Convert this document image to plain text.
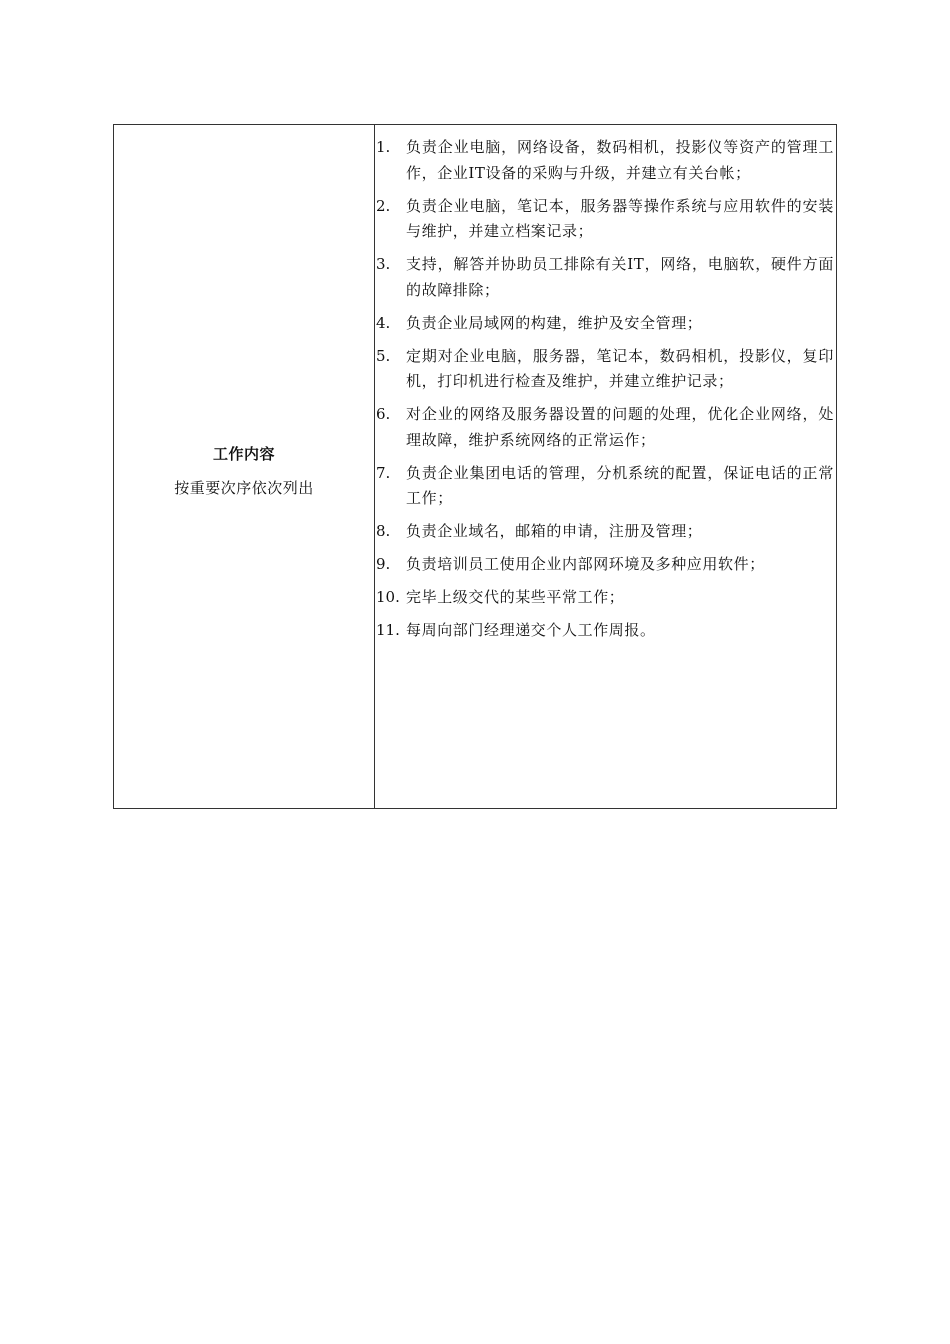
工作内容
按重要次序依次列出
1.	负责企业电脑，网络设备，数码相机，投影仪等资产的管理工作，企业IT设备的采购与升级，并建立有关台帐；
2.	负责企业电脑，笔记本，服务器等操作系统与应用软件的安装与维护，并建立档案记录；
3.	支持，解答并协助员工排除有关IT，网络，电脑软，硬件方面的故障排除；
4.	负责企业局域网的构建，维护及安全管理；
5.	定期对企业电脑，服务器，笔记本，数码相机，投影仪，复印机，打印机进行检查及维护，并建立维护记录；
6.	对企业的网络及服务器设置的问题的处理，优化企业网络，处理故障，维护系统网络的正常运作；
7.	负责企业集团电话的管理，分机系统的配置，保证电话的正常工作；
8.	负责企业域名，邮箱的申请，注册及管理；
9.	负责培训员工使用企业内部网环境及多种应用软件；
10. 完毕上级交代的某些平常工作；
11. 每周向部门经理递交个人工作周报。
